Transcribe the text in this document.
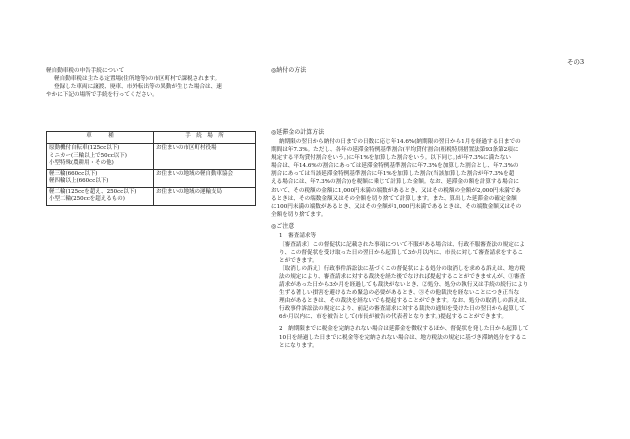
その3
軽自動車税の申告手続について
軽自動車税は主たる定置場(住所地等)の市区町村で課税されます。
登録した車両に譲渡、廃車、市外転出等の異動が生じた場合は、速
やかに下記の場所で手続を行ってください。
車　　　種	手　続　場　所

原動機付自転車(125cc以下)
ミニカー(三輪以上で50cc以下)
小型特殊(農耕用・その他)	お住まいの市区町村役場

軽三輪(660cc以下)
軽四輪以上(660cc以下)	お住まいの地域の軽自動車協会

軽二輪(125ccを超え、250cc以下)
小型二輪(250ccを超えるもの)	お住まいの地域の運輸支局
◎納付の方法
◎延滞金の計算方法
納期限の翌日から納付の日までの日数に応じ年14.6%(納期限の翌日から1月を経過する日までの
期間は年7.3%。ただし、各年の延滞金特例基準割合(平均貸付割合(租税特別措置法第93条第2項に
規定する平均貸付割合をいう。)に年1%を加算した割合をいう。以下同じ。)が年7.3%に満たない
場合は、年14.6%の割合にあっては延滞金特例基準割合に年7.3%を加算した割合とし、年7.3%の
割合にあっては当該延滞金特例基準割合に年1%を加算した割合(当該加算した割合が年7.3%を超
える場合には、年7.3%の割合))を税額に乗じて計算した金額。なお、延滞金の額を計算する場合に
おいて、その税額の金額に1,000円未満の端数があるとき、又はその税額の全額が2,000円未満であ
るときは、その端数金額又はその全額を切り捨てて計算します。また、算出した延滞金の確定金額
に100円未満の端数があるとき、又はその全額が1,000円未満であるときは、その端数金額又はその
全額を切り捨てます。
◎ご注意
1　審査請求等
〔審査請求〕この督促状に記載された事項について不服がある場合は、行政不服審査法の規定によ
り、この督促状を受け取った日の翌日から起算して3か月以内に、市長に対して審査請求をするこ
とができます。
〔取消しの訴え〕行政事件訴訟法に基づくこの督促状による処分の取消しを求める訴えは、地方税
法の規定により、審査請求に対する裁決を経た後でなければ提起することができませんが、①審査
請求があった日から3か月を経過しても裁決がないとき、②処分、処分の執行又は手続の続行により
生ずる著しい損害を避けるため緊急の必要があるとき、③その他裁決を経ないことにつき正当な
理由があるときは、その裁決を経ないでも提起することができます。なお、処分の取消しの訴えは、
行政事件訴訟法の規定により、前記の審査請求に対する裁決の通知を受けた日の翌日から起算して
6か月以内に、市を被告として(市長が被告の代表者となります。)提起することができます。
2　納期限までに税金を完納されない場合は延滞金を徴収するほか、督促状を発した日から起算して
10日を経過した日までに税金等を完納されない場合は、地方税法の規定に基づき滞納処分をするこ
とになります。
